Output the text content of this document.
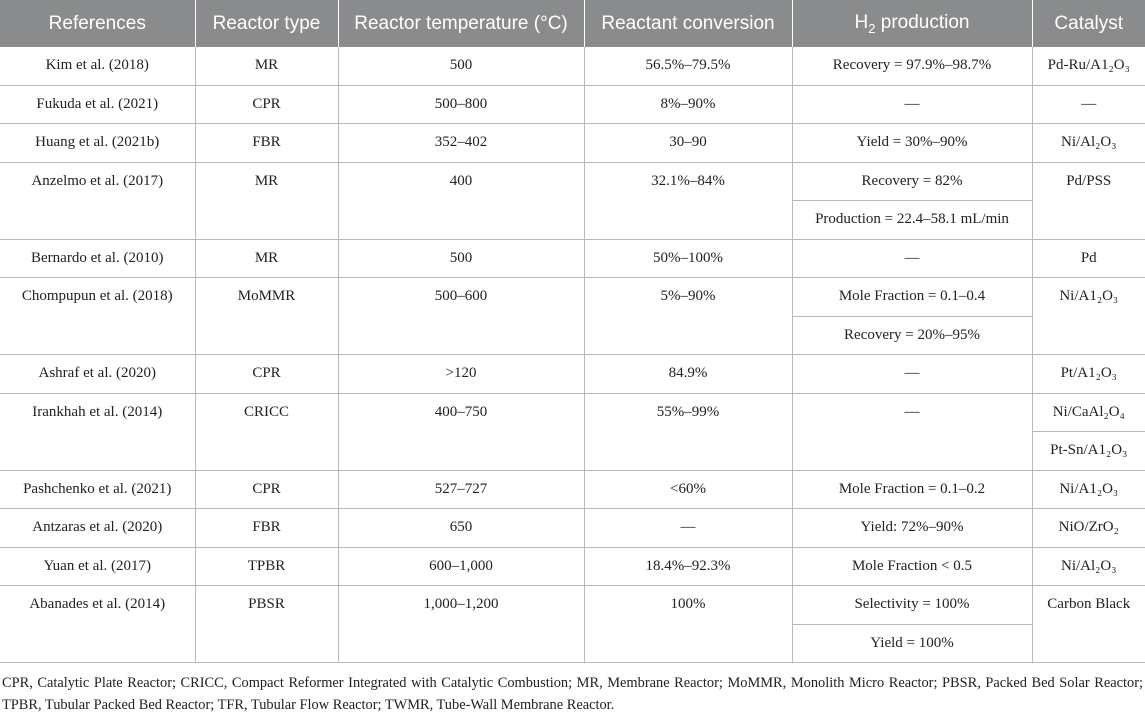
References	Reactor type	Reactor temperature (°C)	Reactant conversion	$H_2$ production	Catalyst
Kim et al. (2018)	MR	500	56.5%–79.5%	Recovery = 97.9%–98.7%	Pd-Ru/A1₂O₃
Fukuda et al. (2021)	CPR	500–800	8%–90%	—	—
Huang et al. (2021b)	FBR	352–402	30–90	Yield = 30%–90%	Ni/Al₂O₃
Anzelmo et al. (2017)	MR	400	32.1%–84%	Recovery = 82%	Pd/PSS
				Production = 22.4–58.1 mL/min	
Bernardo et al. (2010)	MR	500	50%–100%	—	Pd
Chompupun et al. (2018)	MoMMR	500–600	5%–90%	Mole Fraction = 0.1–0.4	Ni/A1₂O₃
				Recovery = 20%–95%	
Ashraf et al. (2020)	CPR	>120	84.9%	—	Pt/A1₂O₃
Irankhah et al. (2014)	CRICC	400–750	55%–99%	—	Ni/CaAl₂O₄
					Pt-Sn/A1₂O₃
Pashchenko et al. (2021)	CPR	527–727	<60%	Mole Fraction = 0.1–0.2	Ni/A1₂O₃
Antzaras et al. (2020)	FBR	650	—	Yield: 72%–90%	NiO/ZrO₂
Yuan et al. (2017)	TPBR	600–1,000	18.4%–92.3%	Mole Fraction < 0.5	Ni/Al₂O₃
Abanades et al. (2014)	PBSR	1,000–1,200	100%	Selectivity = 100%	Carbon Black
				Yield = 100%	
CPR, Catalytic Plate Reactor; CRICC, Compact Reformer Integrated with Catalytic Combustion; MR, Membrane Reactor; MoMMR, Monolith Micro Reactor; PBSR, Packed Bed Solar Reactor; TPBR, Tubular Packed Bed Reactor; TFR, Tubular Flow Reactor; TWMR, Tube-Wall Membrane Reactor.
